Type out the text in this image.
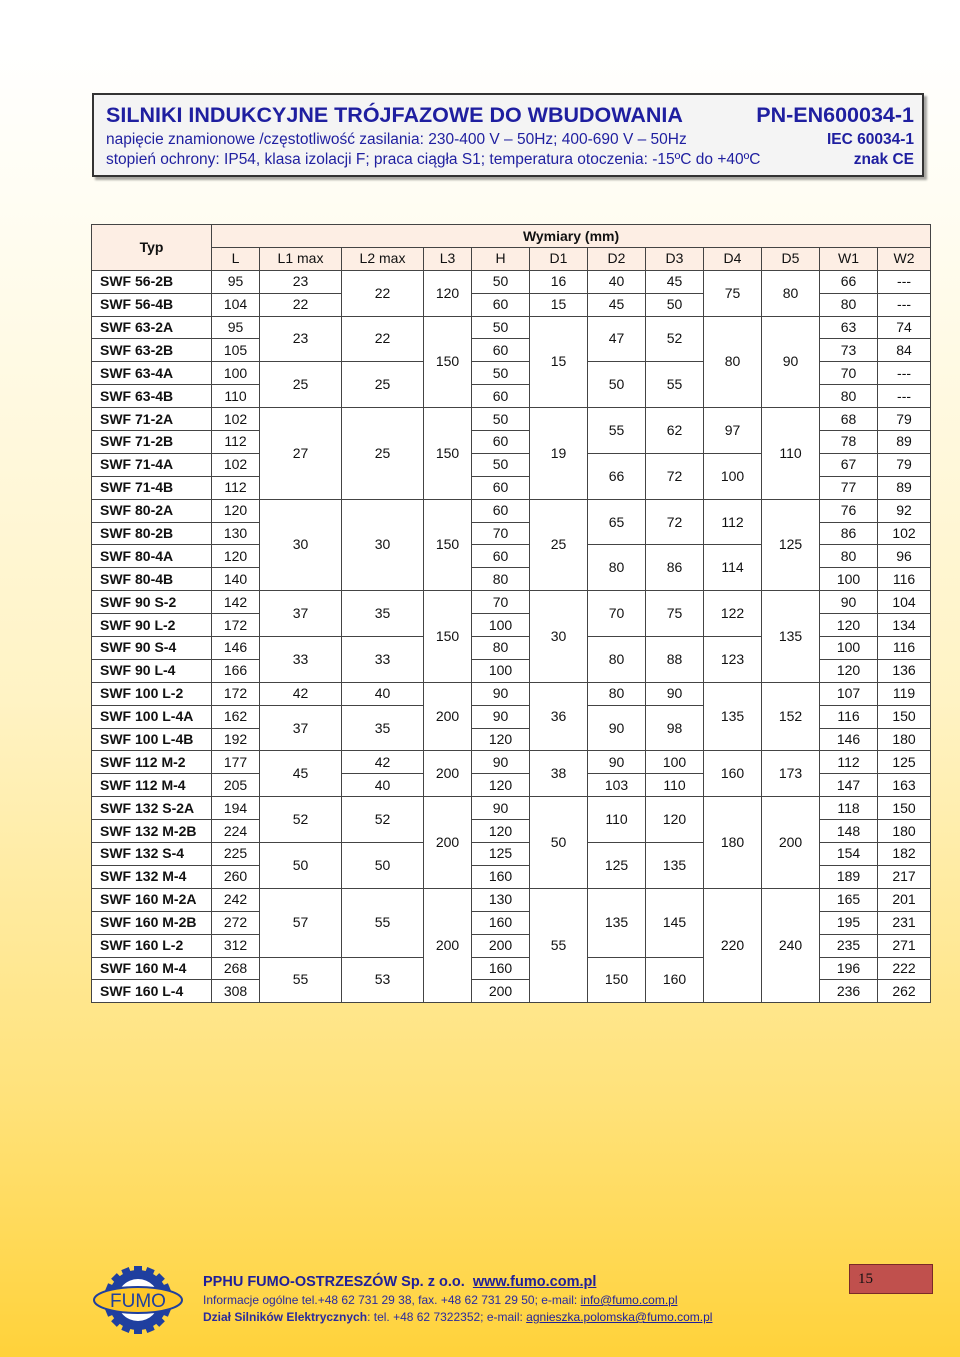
SILNIKI INDUKCYJNE TRÓJFAZOWE DO WBUDOWANIA	PN-EN600034-1
napięcie znamionowe /częstotliwość zasilania: 230-400 V – 50Hz; 400-690 V – 50Hz	IEC 60034-1
stopień ochrony: IP54, klasa izolacji F; praca ciągła S1; temperatura otoczenia: -15ºC do +40ºC	znak CE
Typ	Wymiary (mm)											
	L	L1 max	L2 max	L3	H	D1	D2	D3	D4	D5	W1	W2
SWF 56-2B	95	23	22	120	50	16	40	45	75	80	66	---
SWF 56-4B	104	22			60	15	45	50			80	---
SWF 63-2A	95	23	22	150	50	15	47	52	80	90	63	74
SWF 63-2B	105				60						73	84
SWF 63-4A	100	25	25		50		50	55			70	---
SWF 63-4B	110				60						80	---
SWF 71-2A	102	27	25	150	50	19	55	62	97	110	68	79
SWF 71-2B	112				60						78	89
SWF 71-4A	102				50		66	72	100		67	79
SWF 71-4B	112				60						77	89
SWF 80-2A	120	30	30	150	60	25	65	72	112	125	76	92
SWF 80-2B	130				70						86	102
SWF 80-4A	120				60		80	86	114		80	96
SWF 80-4B	140				80						100	116
SWF 90 S-2	142	37	35	150	70	30	70	75	122	135	90	104
SWF 90 L-2	172				100						120	134
SWF 90 S-4	146	33	33		80		80	88	123		100	116
SWF 90 L-4	166				100						120	136
SWF 100 L-2	172	42	40	200	90	36	80	90	135	152	107	119
SWF 100 L-4A	162	37	35		90		90	98			116	150
SWF 100 L-4B	192				120						146	180
SWF 112 M-2	177	45	42	200	90	38	90	100	160	173	112	125
SWF 112 M-4	205		40		120		103	110			147	163
SWF 132 S-2A	194	52	52	200	90	50	110	120	180	200	118	150
SWF 132 M-2B	224				120						148	180
SWF 132 S-4	225	50	50		125		125	135			154	182
SWF 132 M-4	260				160						189	217
SWF 160 M-2A	242	57	55	200	130	55	135	145	220	240	165	201
SWF 160 M-2B	272				160						195	231
SWF 160 L-2	312				200						235	271
SWF 160 M-4	268	55	53		160		150	160			196	222
SWF 160 L-4	308				200						236	262
FUMO
PPHU FUMO-OSTRZESZÓW Sp. z o.o. www.fumo.com.pl
Informacje ogólne tel.+48 62 731 29 38, fax. +48 62 731 29 50; e-mail: info@fumo.com.pl
Dział Silników Elektrycznych: tel. +48 62 7322352; e-mail: agnieszka.polomska@fumo.com.pl
15
